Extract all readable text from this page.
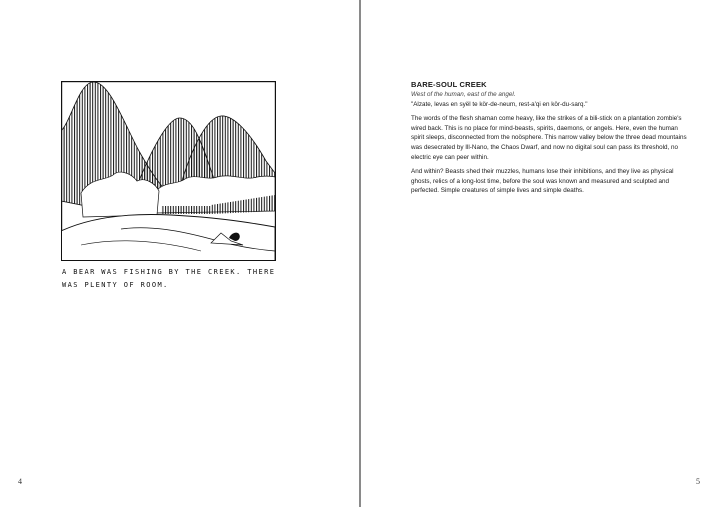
A BEAR WAS FISHING BY THE CREEK. THERE WAS PLENTY OF ROOM.
4
BARE-SOUL CREEK
West of the human, east of the angel.
"Alzate, levas en syël te kör-de-neum, rest-a'qi en kör-du-sarq."

The words of the flesh shaman come heavy, like the strikes of a bili-stick on a plantation zombie's wired back. This is no place for mind-beasts, spirits, daemons, or angels. Here, even the human spirit sleeps, disconnected from the noösphere. This narrow valley below the three dead mountains was desecrated by Ill-Nano, the Chaos Dwarf, and now no digital soul can pass its threshold, no electric eye can peer within.

And within? Beasts shed their muzzles, humans lose their inhibitions, and they live as physical ghosts, relics of a long-lost time, before the soul was known and measured and sculpted and perfected. Simple creatures of simple lives and simple deaths.

5
